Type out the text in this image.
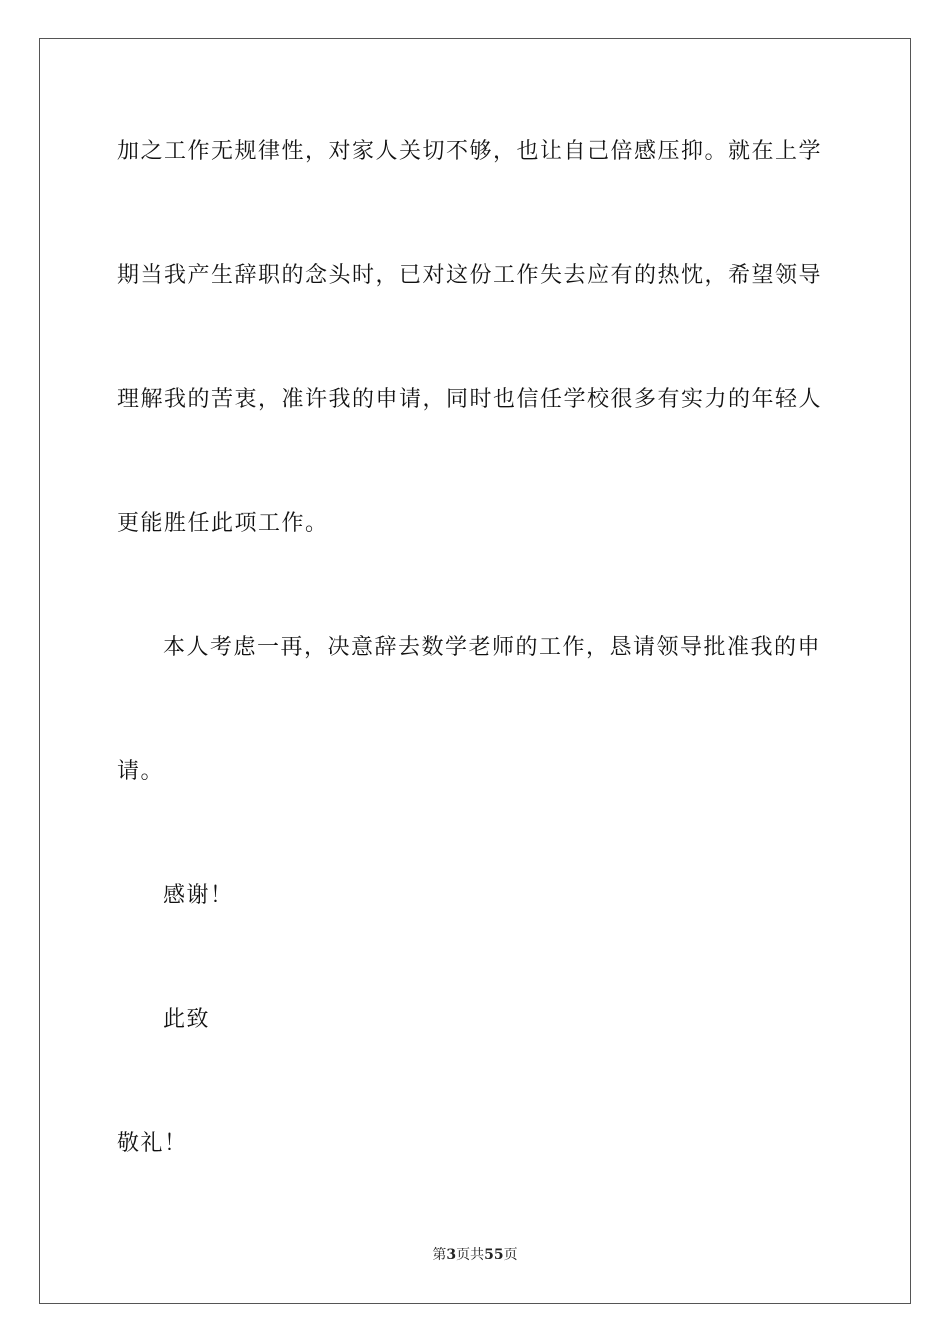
加之工作无规律性，对家人关切不够，也让自己倍感压抑。就在上学
期当我产生辞职的念头时，已对这份工作失去应有的热忱，希望领导
理解我的苦衷，准许我的申请，同时也信任学校很多有实力的年轻人
更能胜任此项工作。
本人考虑一再，决意辞去数学老师的工作，恳请领导批准我的申
请。
感谢！
此致
敬礼！
第3页共55页
